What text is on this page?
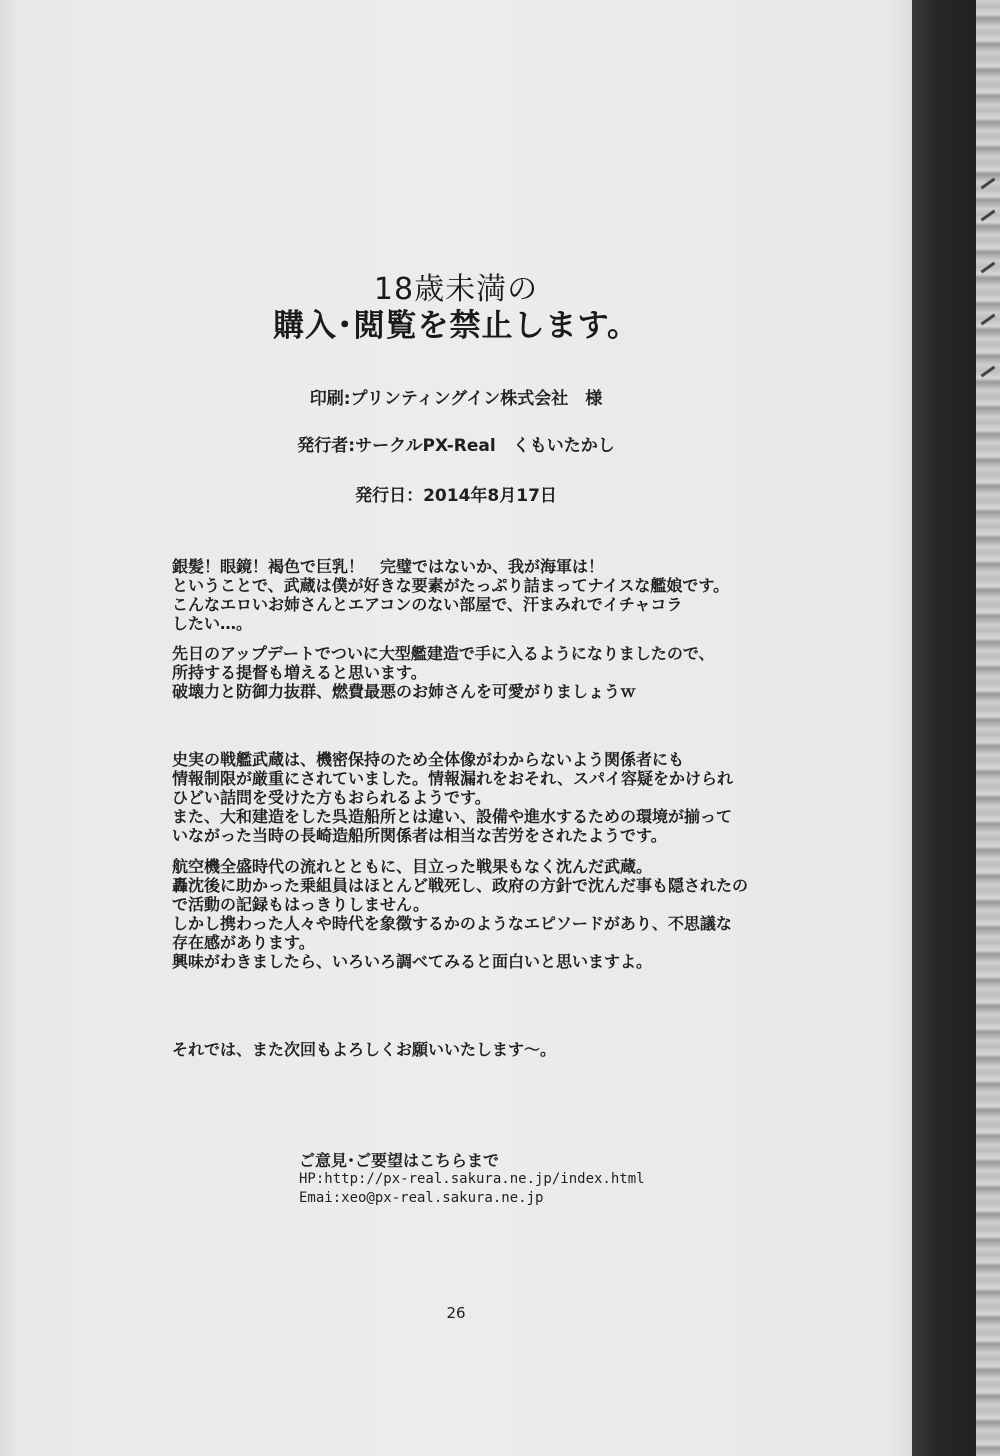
18歳未満の
購入･閲覧を禁止します。
印刷:プリンティングイン株式会社　様
発行者:サークルPX-Real　くもいたかし
発行日：2014年8月17日
銀髪！眼鏡！褐色で巨乳！　完璧ではないか、我が海軍は！
ということで、武蔵は僕が好きな要素がたっぷり詰まってナイスな艦娘です。
こんなエロいお姉さんとエアコンのない部屋で、汗まみれでイチャコラ
したい…。
先日のアップデートでついに大型艦建造で手に入るようになりましたので、
所持する提督も増えると思います。
破壊力と防御力抜群、燃費最悪のお姉さんを可愛がりましょうｗ
史実の戦艦武蔵は、機密保持のため全体像がわからないよう関係者にも
情報制限が厳重にされていました。情報漏れをおそれ、スパイ容疑をかけられ
ひどい詰問を受けた方もおられるようです。
また、大和建造をした呉造船所とは違い、設備や進水するための環境が揃って
いながった当時の長崎造船所関係者は相当な苦労をされたようです。
航空機全盛時代の流れとともに、目立った戦果もなく沈んだ武蔵。
轟沈後に助かった乗組員はほとんど戦死し、政府の方針で沈んだ事も隠されたの
で活動の記録もはっきりしません。
しかし携わった人々や時代を象徴するかのようなエピソードがあり、不思議な
存在感があります。
興味がわきましたら、いろいろ調べてみると面白いと思いますよ。
それでは、また次回もよろしくお願いいたします～。
ご意見･ご要望はこちらまで
HP:http://px-real.sakura.ne.jp/index.html
Emai:xeo@px-real.sakura.ne.jp
26
